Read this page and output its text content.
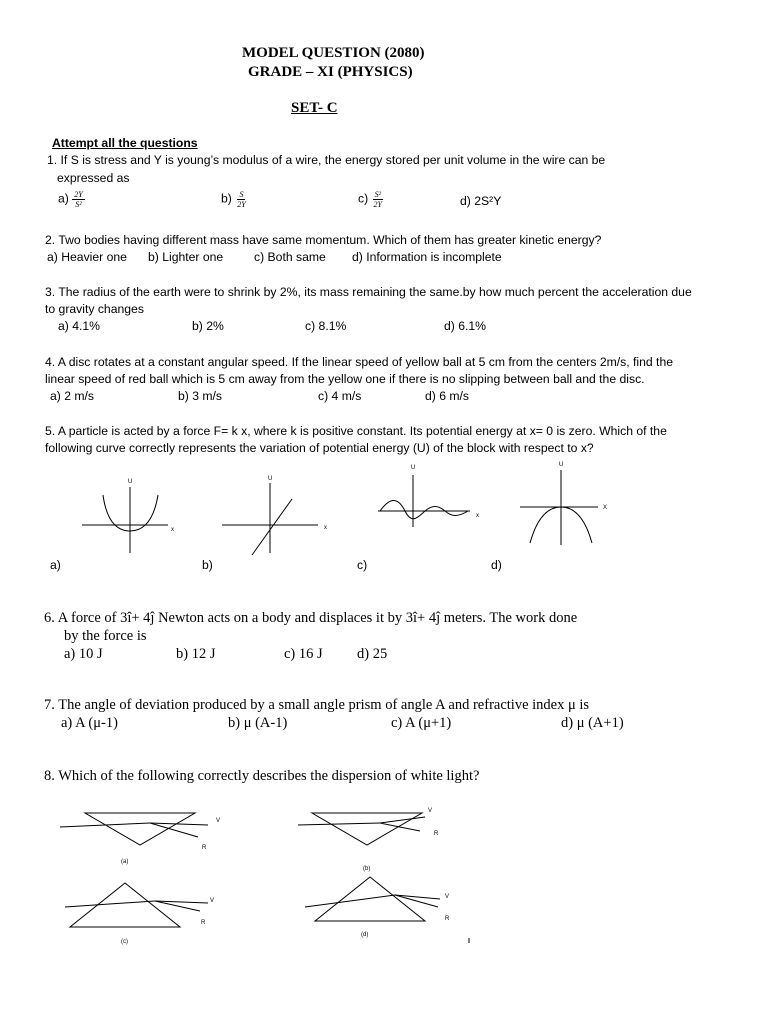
MODEL QUESTION (2080)
GRADE – XI (PHYSICS)
SET- C
Attempt all the questions
1. If S is stress and Y is young’s modulus of a wire, the energy stored per unit volume in the wire can be
expressed as
$a) \frac{2Y}{\text{S²}}$	$b) \frac{S}{2Y}$	$c) \frac{\text{S²}}{2Y}$	d) 2S²Y
2. Two bodies having different mass have same momentum. Which of them has greater kinetic energy?
a) Heavier one b) Lighter one	c) Both same d) Information is incomplete
3. The radius of the earth were to shrink by 2%, its mass remaining the same.by how much percent the acceleration due
to gravity changes
a) 4.1%	b) 2%	c) 8.1%	d) 6.1%
4. A disc rotates at a constant angular speed. If the linear speed of yellow ball at 5 cm from the centers 2m/s, find the
linear speed of red ball which is 5 cm away from the yellow one if there is no slipping between ball and the disc.
a) 2 m/s	b) 3 m/s	c) 4 m/s	d) 6 m/s
5. A particle is acted by a force F= k x, where k is positive constant. Its potential energy at x= 0 is zero. Which of the
following curve correctly represents the variation of potential energy (U) of the block with respect to x?
U
x
U
x
U
x
U
X
a)	b)	c)	d)
6. A force of 3î+ 4ĵ Newton acts on a body and displaces it by 3î+ 4ĵ meters. The work done
by the force is
a) 10 J	b) 12 J	c) 16 J d) 25
7. The angle of deviation produced by a small angle prism of angle A and refractive index μ is
a) A (μ-1)	b) μ (A-1)	c) A (μ+1)	d) μ (A+1)
8. Which of the following correctly describes the dispersion of white light?
V
R
(a)
V
R
(b)
V
R
(c)
V
R
(d)
